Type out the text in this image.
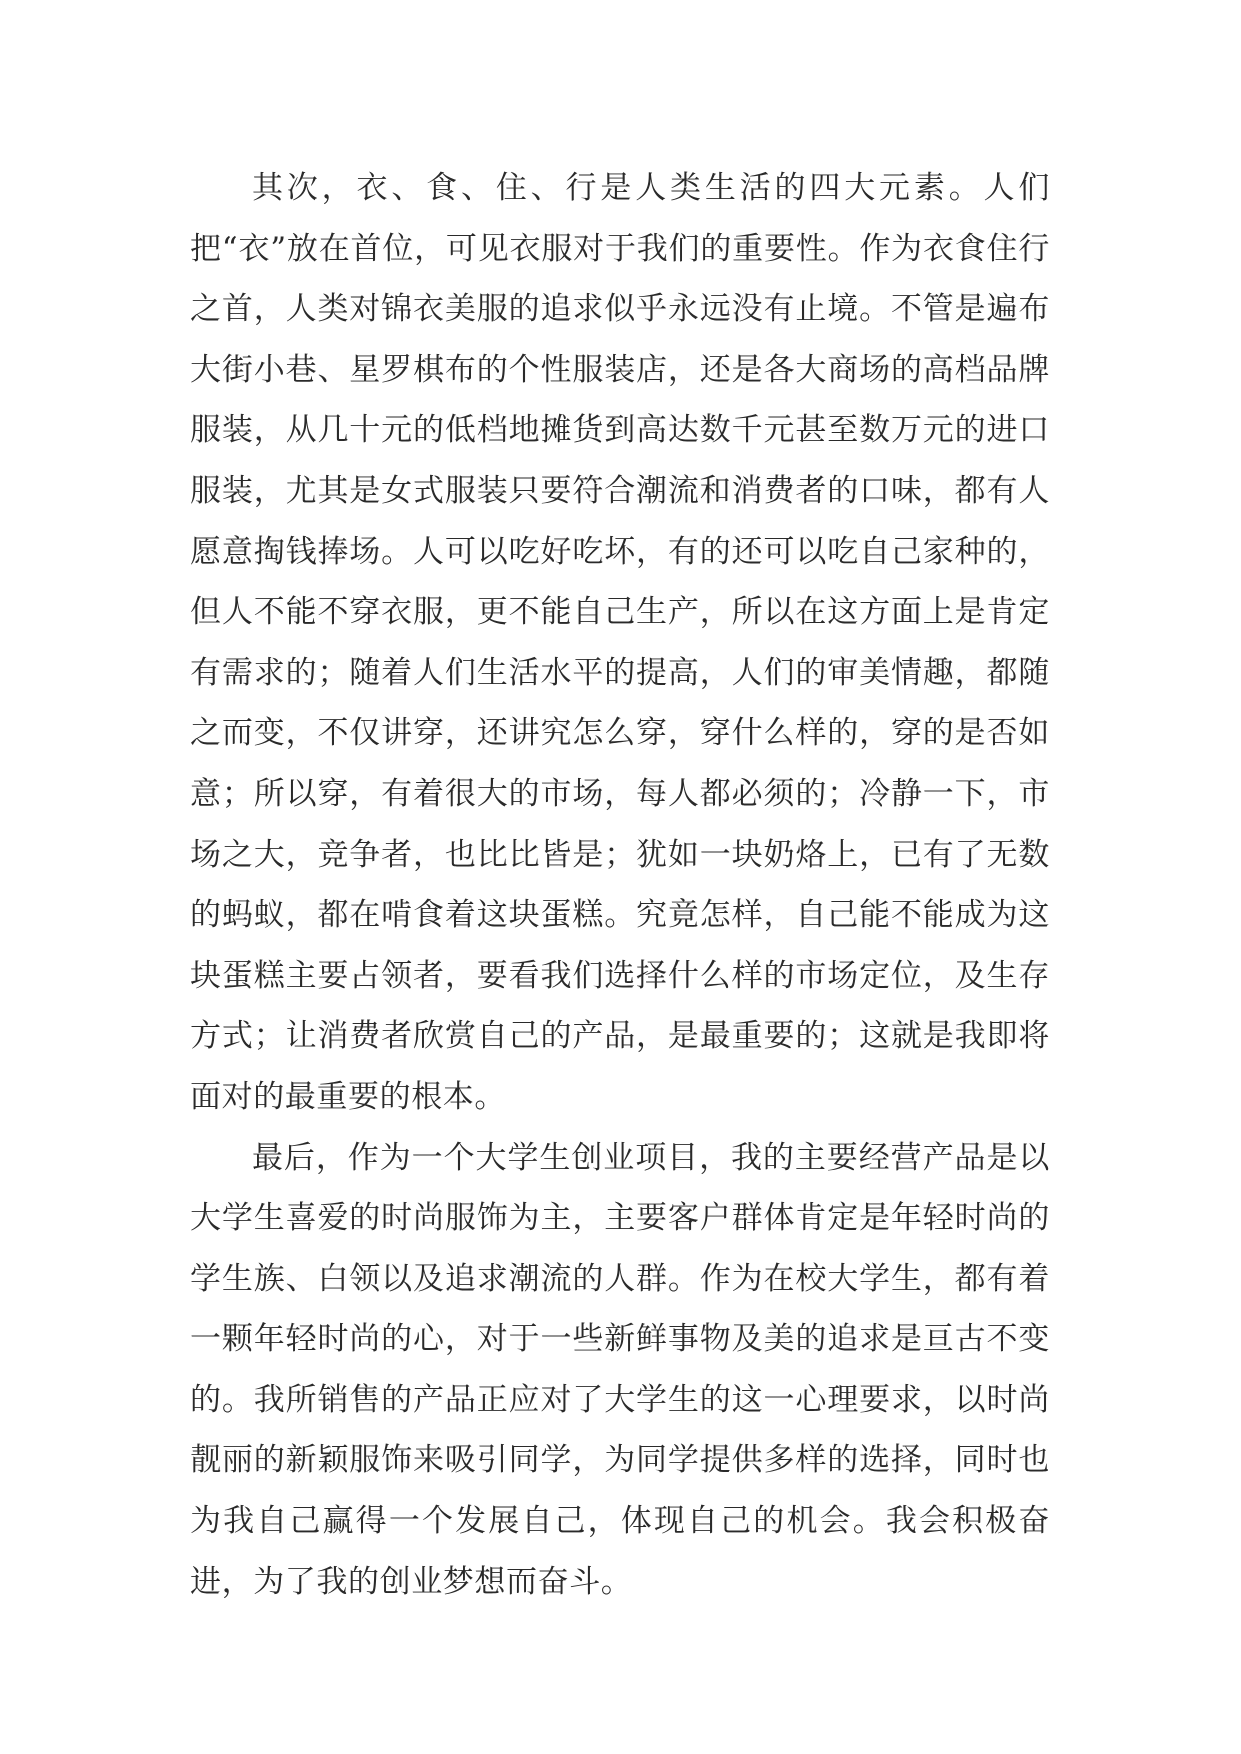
其次，衣、食、住、行是人类生活的四大元素。人们把“衣”放在首位，可见衣服对于我们的重要性。作为衣食住行之首，人类对锦衣美服的追求似乎永远没有止境。不管是遍布大街小巷、星罗棋布的个性服装店，还是各大商场的高档品牌服装，从几十元的低档地摊货到高达数千元甚至数万元的进口服装，尤其是女式服装只要符合潮流和消费者的口味，都有人愿意掏钱捧场。人可以吃好吃坏，有的还可以吃自己家种的，但人不能不穿衣服，更不能自己生产，所以在这方面上是肯定有需求的；随着人们生活水平的提高，人们的审美情趣，都随之而变，不仅讲穿，还讲究怎么穿，穿什么样的，穿的是否如意；所以穿，有着很大的市场，每人都必须的；冷静一下，市场之大，竞争者，也比比皆是；犹如一块奶烙上，已有了无数的蚂蚁，都在啃食着这块蛋糕。究竟怎样，自己能不能成为这块蛋糕主要占领者，要看我们选择什么样的市场定位，及生存方式；让消费者欣赏自己的产品，是最重要的；这就是我即将面对的最重要的根本。

最后，作为一个大学生创业项目，我的主要经营产品是以大学生喜爱的时尚服饰为主，主要客户群体肯定是年轻时尚的学生族、白领以及追求潮流的人群。作为在校大学生，都有着一颗年轻时尚的心，对于一些新鲜事物及美的追求是亘古不变的。我所销售的产品正应对了大学生的这一心理要求，以时尚靓丽的新颖服饰来吸引同学，为同学提供多样的选择，同时也为我自己赢得一个发展自己，体现自己的机会。我会积极奋进，为了我的创业梦想而奋斗。
